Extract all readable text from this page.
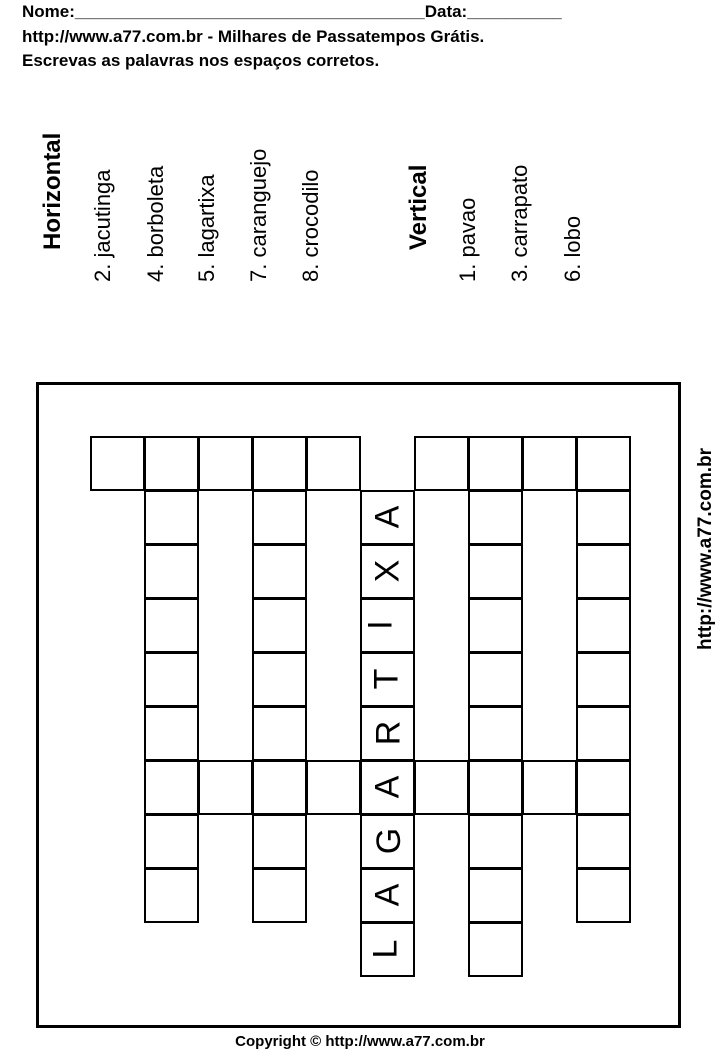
Nome:_____________________________________Data:__________
http://www.a77.com.br - Milhares de Passatempos Grátis.
Escrevas as palavras nos espaços corretos.
Horizontal 2. jacutinga 4. borboleta 5. lagartixa 7. caranguejo 8. crocodilo	Vertical 1. pavao 3. carrapato 6. lobo
L
A
G
A
R
T
I
X
A	http://www.a77.com.br
Copyright © http://www.a77.com.br
